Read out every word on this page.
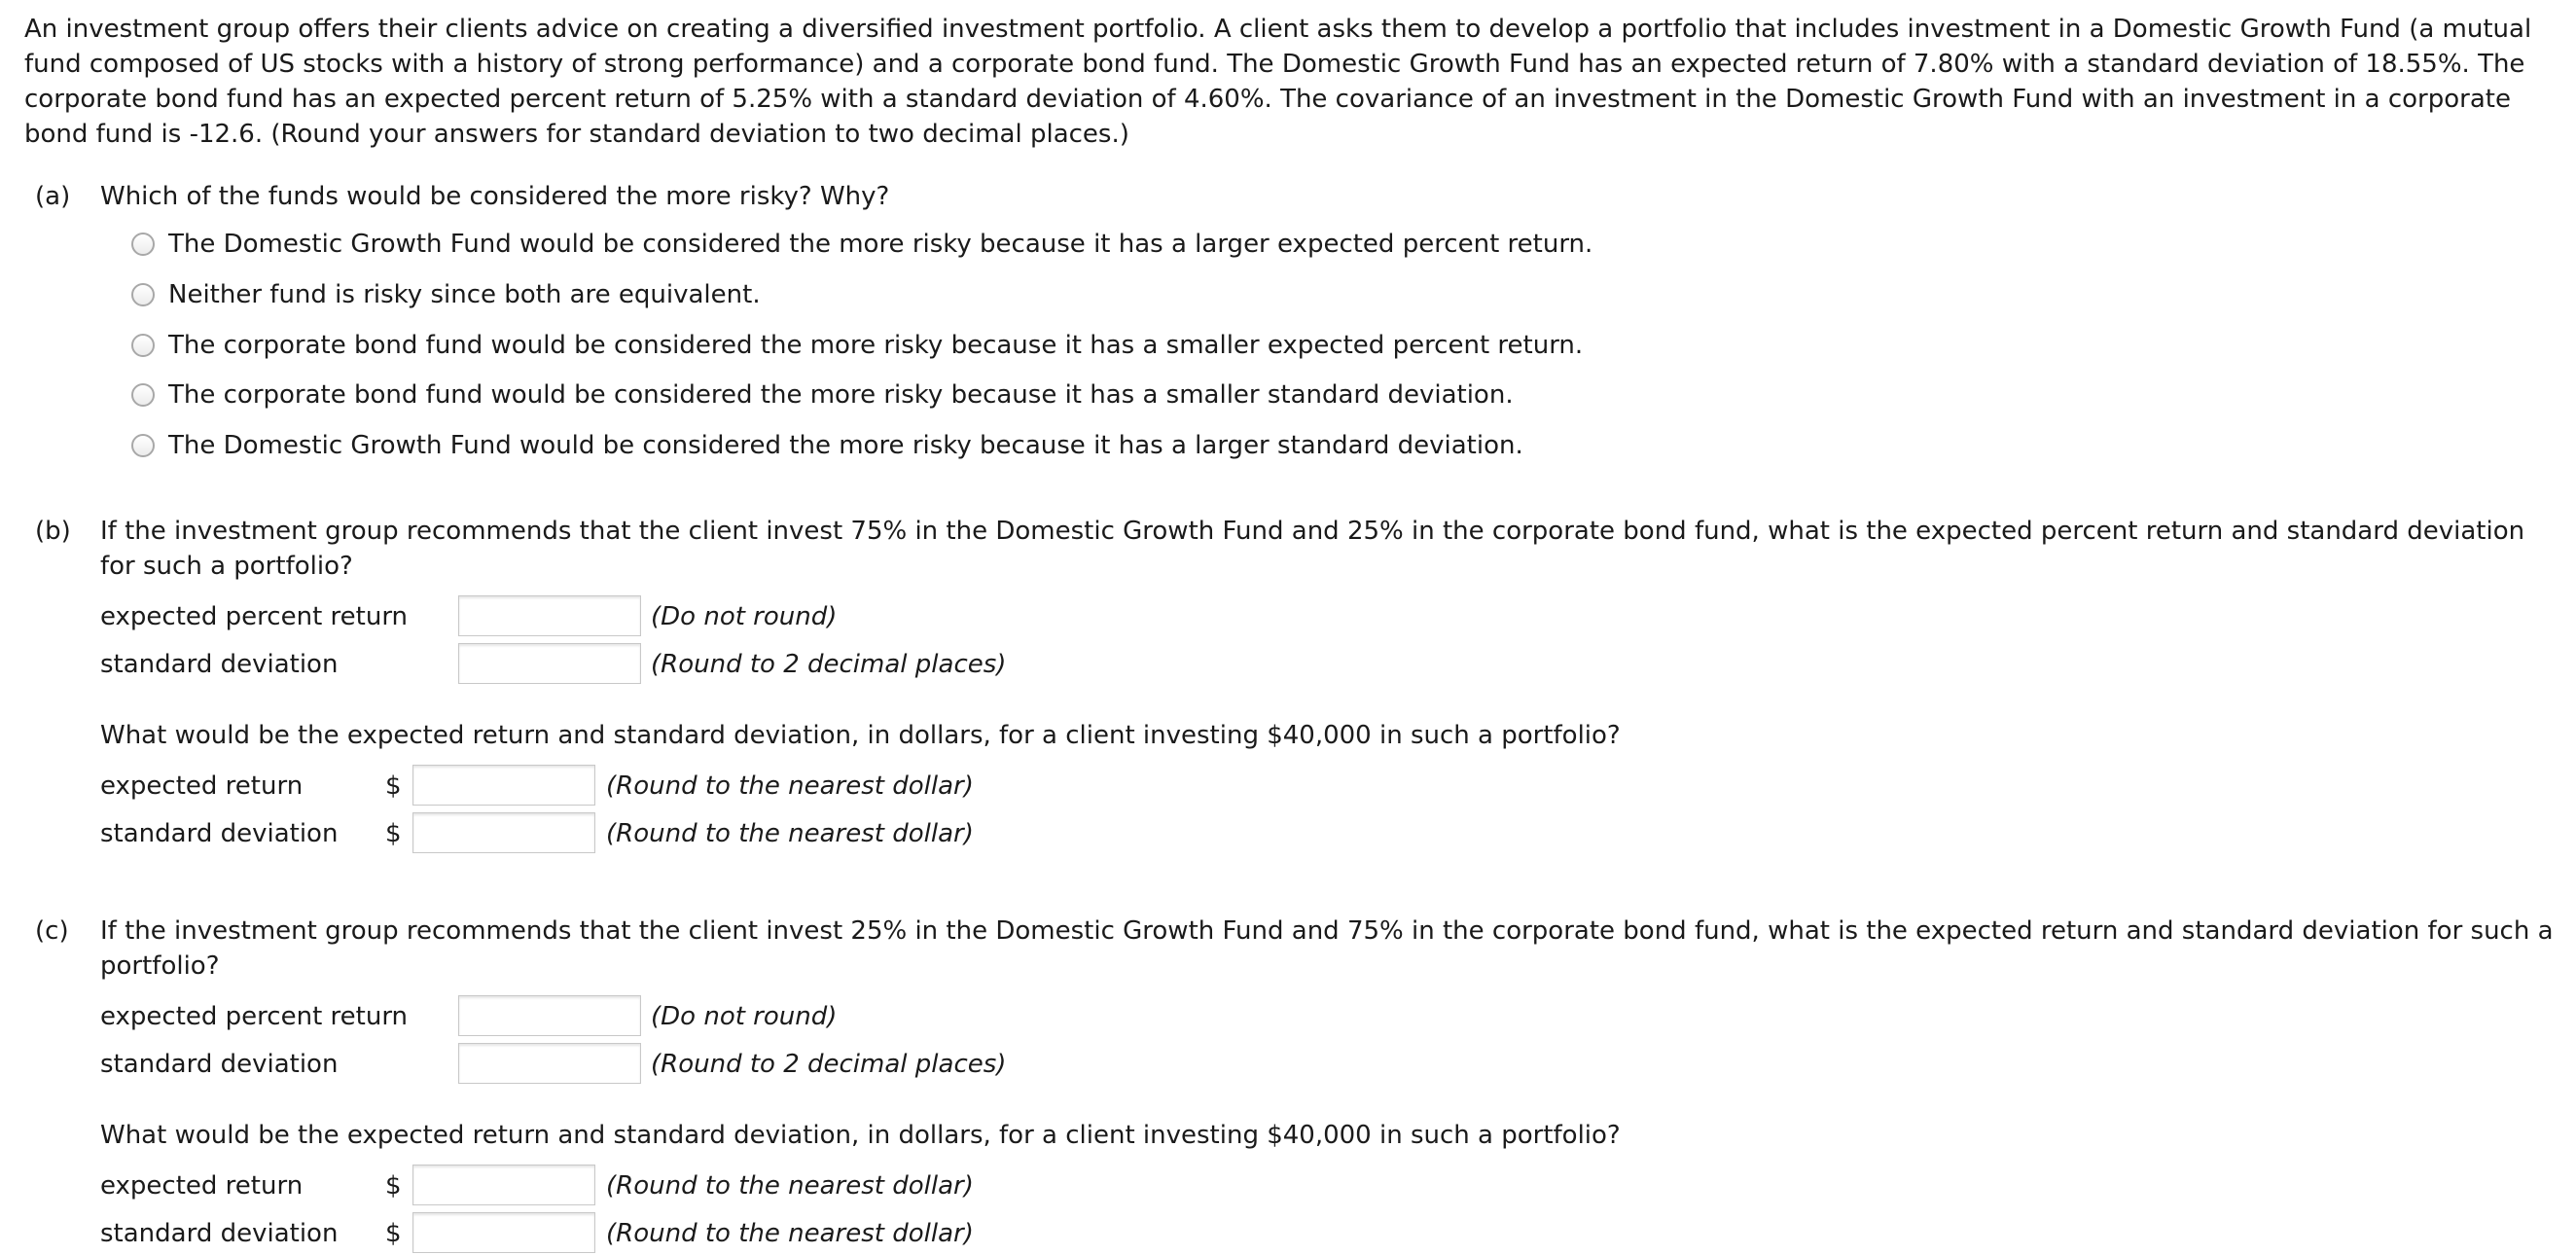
An investment group offers their clients advice on creating a diversified investment portfolio. A client asks them to develop a portfolio that includes investment in a Domestic Growth Fund (a mutual fund composed of US stocks with a history of strong performance) and a corporate bond fund. The Domestic Growth Fund has an expected return of 7.80% with a standard deviation of 18.55%. The corporate bond fund has an expected percent return of 5.25% with a standard deviation of 4.60%. The covariance of an investment in the Domestic Growth Fund with an investment in a corporate bond fund is -12.6. (Round your answers for standard deviation to two decimal places.)

(a) Which of the funds would be considered the more risky? Why?

The Domestic Growth Fund would be considered the more risky because it has a larger expected percent return.
Neither fund is risky since both are equivalent.
The corporate bond fund would be considered the more risky because it has a smaller expected percent return.
The corporate bond fund would be considered the more risky because it has a smaller standard deviation.
The Domestic Growth Fund would be considered the more risky because it has a larger standard deviation.
(b) If the investment group recommends that the client invest 75% in the Domestic Growth Fund and 25% in the corporate bond fund, what is the expected percent return and standard deviation for such a portfolio?

expected percent return	(Do not round)
standard deviation	(Round to 2 decimal places)

What would be the expected return and standard deviation, in dollars, for a client investing $40,000 in such a portfolio?

expected return	$	(Round to the nearest dollar)
standard deviation $	(Round to the nearest dollar)
(c) If the investment group recommends that the client invest 25% in the Domestic Growth Fund and 75% in the corporate bond fund, what is the expected return and standard deviation for such a portfolio?

expected percent return	(Do not round)
standard deviation	(Round to 2 decimal places)

What would be the expected return and standard deviation, in dollars, for a client investing $40,000 in such a portfolio?

expected return	$	(Round to the nearest dollar)
standard deviation $	(Round to the nearest dollar)
